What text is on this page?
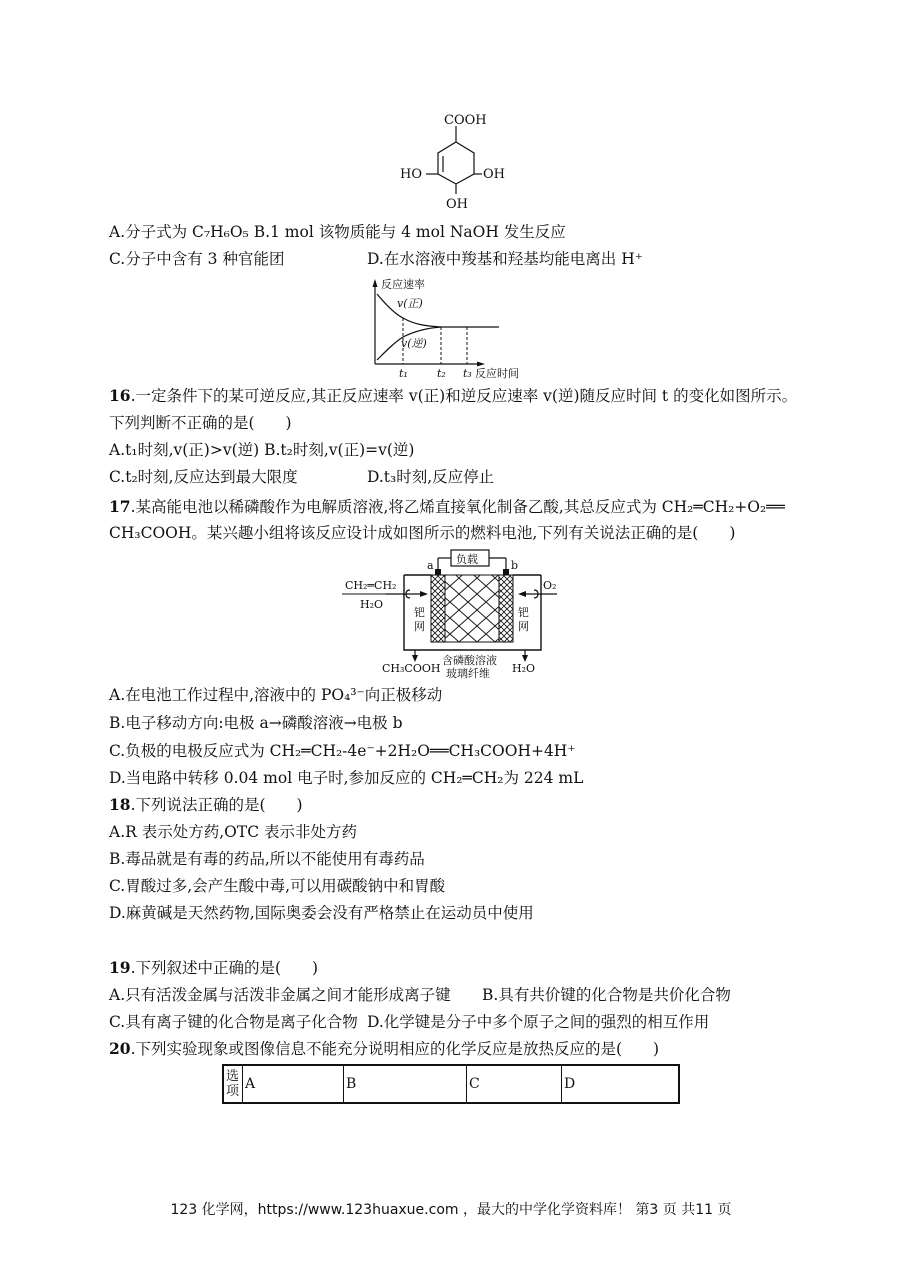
COOH
HO	OH
OH
A.分子式为 C₇H₆O₅ B.1 mol 该物质能与 4 mol NaOH 发生反应
C.分子中含有 3 种官能团	D.在水溶液中羧基和羟基均能电离出 H⁺
反应速率
v(正)
v(逆)
t₁	t₂ t₃ 反应时间
16.一定条件下的某可逆反应,其正反应速率 v(正)和逆反应速率 v(逆)随反应时间 t 的变化如图所示。
下列判断不正确的是(　　)
A.t₁时刻,v(正)>v(逆) B.t₂时刻,v(正)=v(逆)
C.t₂时刻,反应达到最大限度	D.t₃时刻,反应停止
17.某高能电池以稀磷酸作为电解质溶液,将乙烯直接氧化制备乙酸,其总反应式为 CH₂═CH₂+O₂══
CH₃COOH。某兴趣小组将该反应设计成如图所示的燃料电池,下列有关说法正确的是(　　)
负载
a	b
CH₂═CH₂
H₂O
O₂
钯
网
钯
网
CH₃COOH	H₂O
含磷酸溶液
玻璃纤维
A.在电池工作过程中,溶液中的 PO₄³⁻向正极移动
B.电子移动方向:电极 a→磷酸溶液→电极 b
C.负极的电极反应式为 CH₂═CH₂-4e⁻+2H₂O══CH₃COOH+4H⁺
D.当电路中转移 0.04 mol 电子时,参加反应的 CH₂═CH₂为 224 mL
18.下列说法正确的是(　　)
A.R 表示处方药,OTC 表示非处方药
B.毒品就是有毒的药品,所以不能使用有毒药品
C.胃酸过多,会产生酸中毒,可以用碳酸钠中和胃酸
D.麻黄碱是天然药物,国际奥委会没有严格禁止在运动员中使用
19.下列叙述中正确的是(　　)
A.只有活泼金属与活泼非金属之间才能形成离子键 B.具有共价键的化合物是共价化合物
C.具有离子键的化合物是离子化合物 D.化学键是分子中多个原子之间的强烈的相互作用
20.下列实验现象或图像信息不能充分说明相应的化学反应是放热反应的是(　　)
选项	A	B	C	D
123 化学网，https://www.123huaxue.com ，最大的中学化学资料库！ 第3 页 共11 页
